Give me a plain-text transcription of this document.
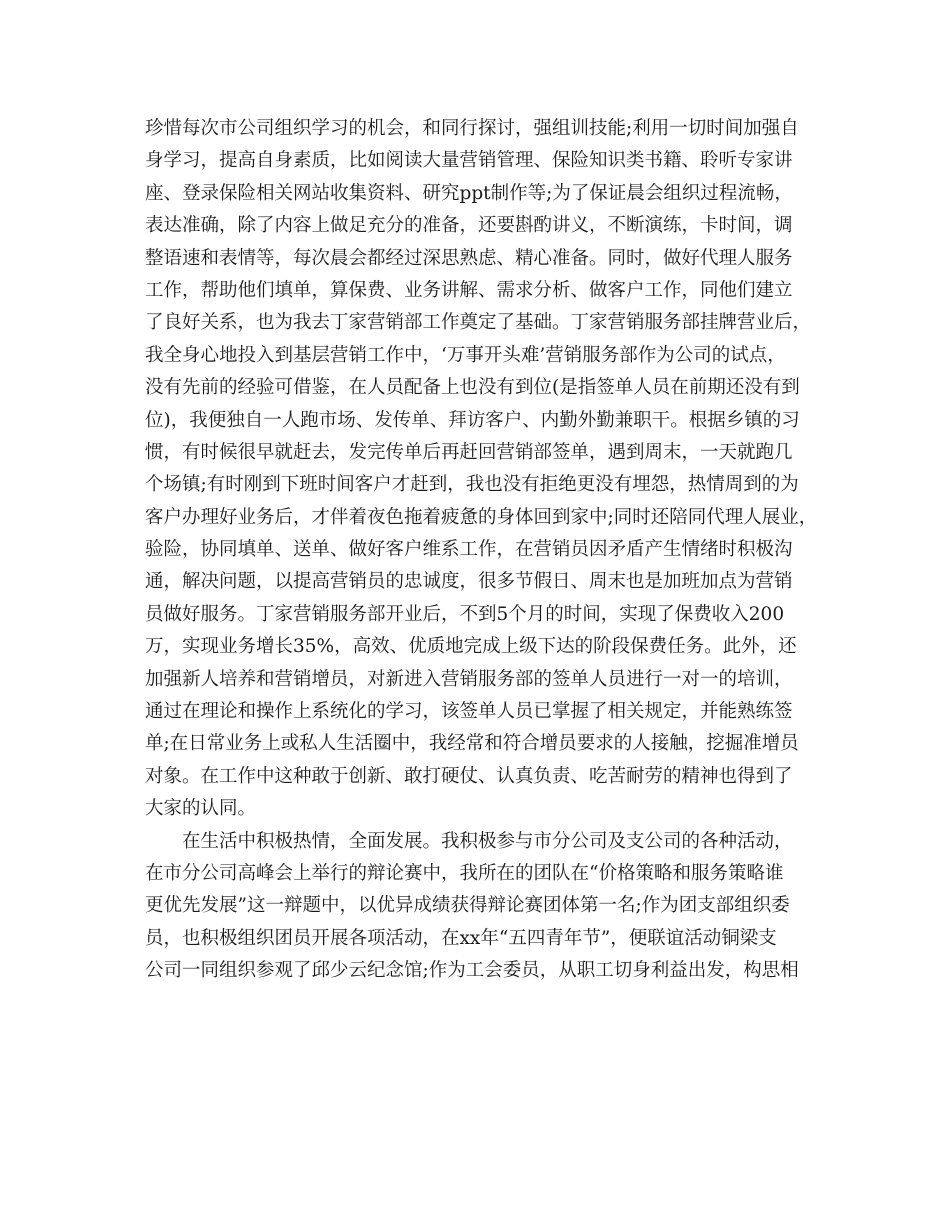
珍惜每次市公司组织学习的机会，和同行探讨，强组训技能;利用一切时间加强自
身学习，提高自身素质，比如阅读大量营销管理、保险知识类书籍、聆听专家讲
座、登录保险相关网站收集资料、研究ppt制作等;为了保证晨会组织过程流畅，
表达准确，除了内容上做足充分的准备，还要斟酌讲义，不断演练，卡时间，调
整语速和表情等，每次晨会都经过深思熟虑、精心准备。同时，做好代理人服务
工作，帮助他们填单，算保费、业务讲解、需求分析、做客户工作，同他们建立
了良好关系，也为我去丁家营销部工作奠定了基础。丁家营销服务部挂牌营业后，
我全身心地投入到基层营销工作中，‘万事开头难’营销服务部作为公司的试点，
没有先前的经验可借鉴，在人员配备上也没有到位(是指签单人员在前期还没有到
位)，我便独自一人跑市场、发传单、拜访客户、内勤外勤兼职干。根据乡镇的习
惯，有时候很早就赶去，发完传单后再赶回营销部签单，遇到周末，一天就跑几
个场镇;有时刚到下班时间客户才赶到，我也没有拒绝更没有埋怨，热情周到的为
客户办理好业务后，才伴着夜色拖着疲惫的身体回到家中;同时还陪同代理人展业，
验险，协同填单、送单、做好客户维系工作，在营销员因矛盾产生情绪时积极沟
通，解决问题，以提高营销员的忠诚度，很多节假日、周末也是加班加点为营销
员做好服务。丁家营销服务部开业后，不到5个月的时间，实现了保费收入200
万，实现业务增长35%，高效、优质地完成上级下达的阶段保费任务。此外，还
加强新人培养和营销增员，对新进入营销服务部的签单人员进行一对一的培训，
通过在理论和操作上系统化的学习，该签单人员已掌握了相关规定，并能熟练签
单;在日常业务上或私人生活圈中，我经常和符合增员要求的人接触，挖掘准增员
对象。在工作中这种敢于创新、敢打硬仗、认真负责、吃苦耐劳的精神也得到了
大家的认同。
在生活中积极热情，全面发展。我积极参与市分公司及支公司的各种活动，
在市分公司高峰会上举行的辩论赛中，我所在的团队在“价格策略和服务策略谁
更优先发展”这一辩题中，以优异成绩获得辩论赛团体第一名;作为团支部组织委
员，也积极组织团员开展各项活动，在xx年“五四青年节”，便联谊活动铜梁支
公司一同组织参观了邱少云纪念馆;作为工会委员，从职工切身利益出发，构思相
